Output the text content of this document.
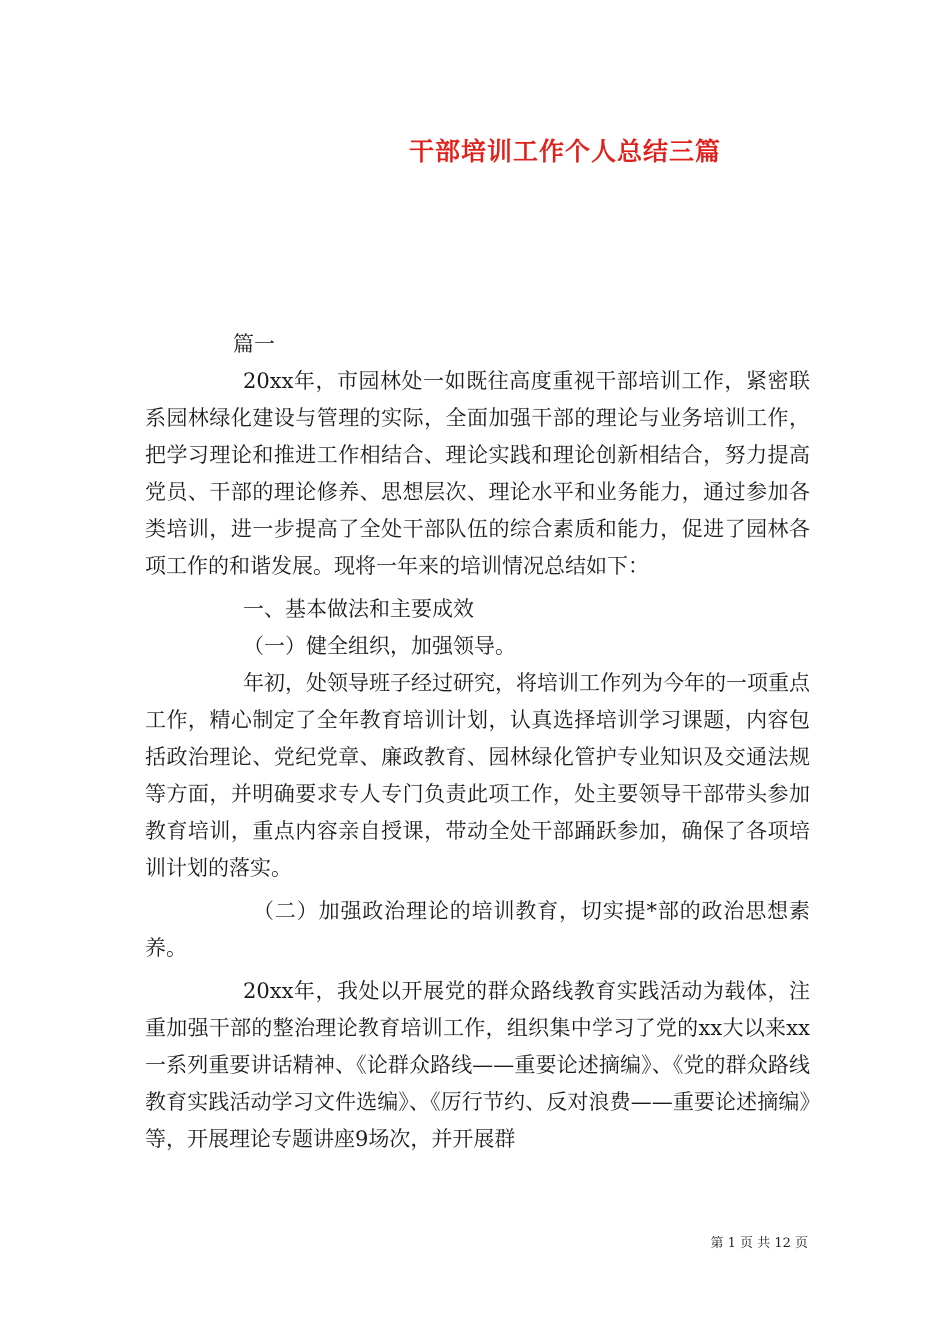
干部培训工作个人总结三篇

篇一

20xx年，市园林处一如既往高度重视干部培训工作，紧密联系园林绿化建设与管理的实际，全面加强干部的理论与业务培训工作，把学习理论和推进工作相结合、理论实践和理论创新相结合，努力提高党员、干部的理论修养、思想层次、理论水平和业务能力，通过参加各类培训，进一步提高了全处干部队伍的综合素质和能力，促进了园林各项工作的和谐发展。现将一年来的培训情况总结如下：

一、基本做法和主要成效

（一）健全组织，加强领导。

年初，处领导班子经过研究，将培训工作列为今年的一项重点工作，精心制定了全年教育培训计划，认真选择培训学习课题，内容包括政治理论、党纪党章、廉政教育、园林绿化管护专业知识及交通法规等方面，并明确要求专人专门负责此项工作，处主要领导干部带头参加教育培训，重点内容亲自授课，带动全处干部踊跃参加，确保了各项培训计划的落实。

（二）加强政治理论的培训教育，切实提*部的政治思想素养。

20xx年，我处以开展党的群众路线教育实践活动为载体，注重加强干部的整治理论教育培训工作，组织集中学习了党的xx大以来xx一系列重要讲话精神、《论群众路线——重要论述摘编》、《党的群众路线教育实践活动学习文件选编》、《厉行节约、反对浪费——重要论述摘编》等，开展理论专题讲座9场次，并开展群

第 1 页 共 12 页
